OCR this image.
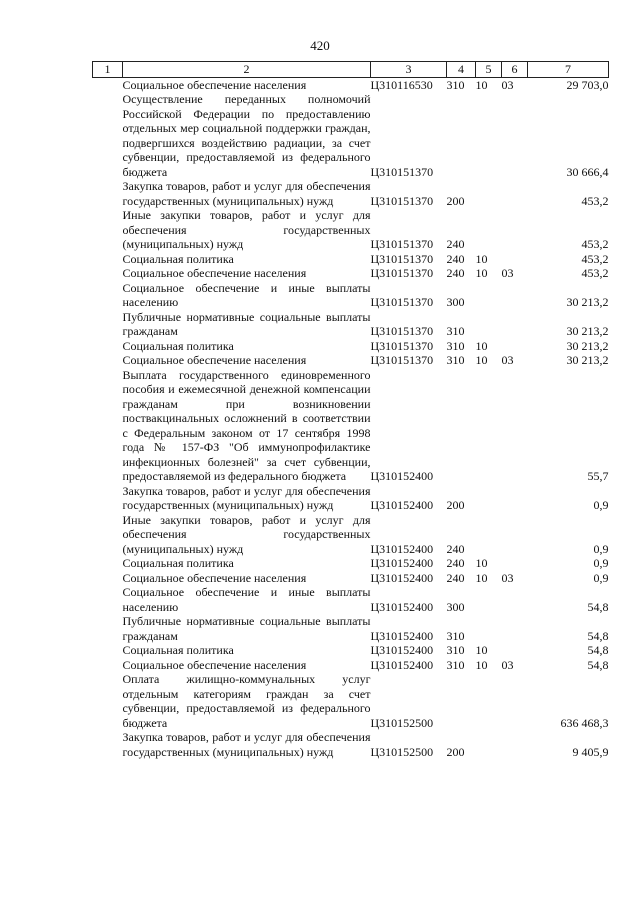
420
1	2	3	4	5	6	7
	Социальное обеспечение населения	Ц310116530	310	10	03	29 703,0
	Осуществление переданных полномочий Российской Федерации по предоставлению отдельных мер социальной поддержки граждан, подвергшихся воздействию радиации, за счет субвенции, предоставляемой из федерального бюджета	Ц310151370				30 666,4
	Закупка товаров, работ и услуг для обеспечения государственных (муниципальных) нужд	Ц310151370	200			453,2
	Иные закупки товаров, работ и услуг для обеспечения государственных (муниципальных) нужд	Ц310151370	240			453,2
	Социальная политика	Ц310151370	240	10		453,2
	Социальное обеспечение населения	Ц310151370	240	10	03	453,2
	Социальное обеспечение и иные выплаты населению	Ц310151370	300			30 213,2
	Публичные нормативные социальные выплаты гражданам	Ц310151370	310			30 213,2
	Социальная политика	Ц310151370	310	10		30 213,2
	Социальное обеспечение населения	Ц310151370	310	10	03	30 213,2
	Выплата государственного единовременного пособия и ежемесячной денежной компенсации гражданам при возникновении поствакцинальных осложнений в соответствии с Федеральным законом от 17 сентября 1998 года № 157-ФЗ "Об иммунопрофилактике инфекционных болезней" за счет субвенции, предоставляемой из федерального бюджета	Ц310152400				55,7
	Закупка товаров, работ и услуг для обеспечения государственных (муниципальных) нужд	Ц310152400	200			0,9
	Иные закупки товаров, работ и услуг для обеспечения государственных (муниципальных) нужд	Ц310152400	240			0,9
	Социальная политика	Ц310152400	240	10		0,9
	Социальное обеспечение населения	Ц310152400	240	10	03	0,9
	Социальное обеспечение и иные выплаты населению	Ц310152400	300			54,8
	Публичные нормативные социальные выплаты гражданам	Ц310152400	310			54,8
	Социальная политика	Ц310152400	310	10		54,8
	Социальное обеспечение населения	Ц310152400	310	10	03	54,8
	Оплата жилищно-коммунальных услуг отдельным категориям граждан за счет субвенции, предоставляемой из федерального бюджета	Ц310152500				636 468,3
	Закупка товаров, работ и услуг для обеспечения государственных (муниципальных) нужд	Ц310152500	200			9 405,9
